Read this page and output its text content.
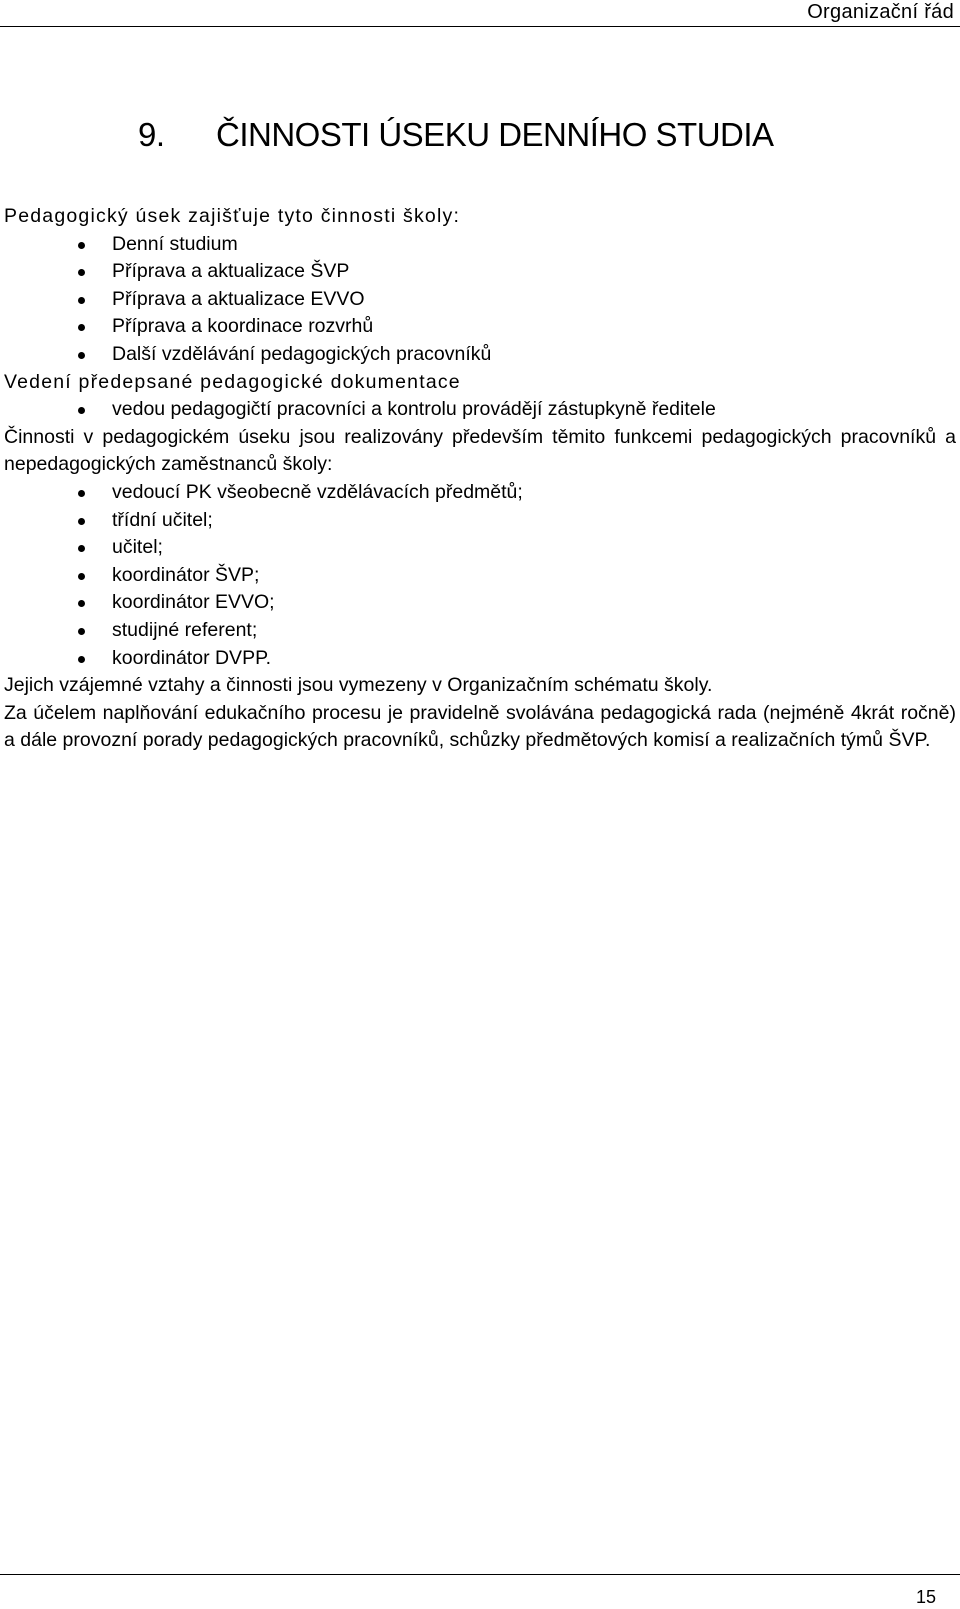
Organizační řád
9. ČINNOSTI ÚSEKU DENNÍHO STUDIA

Pedagogický úsek zajišťuje tyto činnosti školy:

Denní studium
Příprava a aktualizace ŠVP
Příprava a aktualizace EVVO
Příprava a koordinace rozvrhů
Další vzdělávání pedagogických pracovníků

Vedení předepsané pedagogické dokumentace

vedou pedagogičtí pracovníci a kontrolu provádějí zástupkyně ředitele

Činnosti v pedagogickém úseku jsou realizovány především těmito funkcemi pedagogických pracovníků a nepedagogických zaměstnanců školy:

vedoucí PK všeobecně vzdělávacích předmětů;
třídní učitel;
učitel;
koordinátor ŠVP;
koordinátor EVVO;
studijné referent;
koordinátor DVPP.

Jejich vzájemné vztahy a činnosti jsou vymezeny v Organizačním schématu školy.

Za účelem naplňování edukačního procesu je pravidelně svolávána pedagogická rada (nejméně 4krát ročně) a dále provozní porady pedagogických pracovníků, schůzky předmětových komisí a realizačních týmů ŠVP.

15
